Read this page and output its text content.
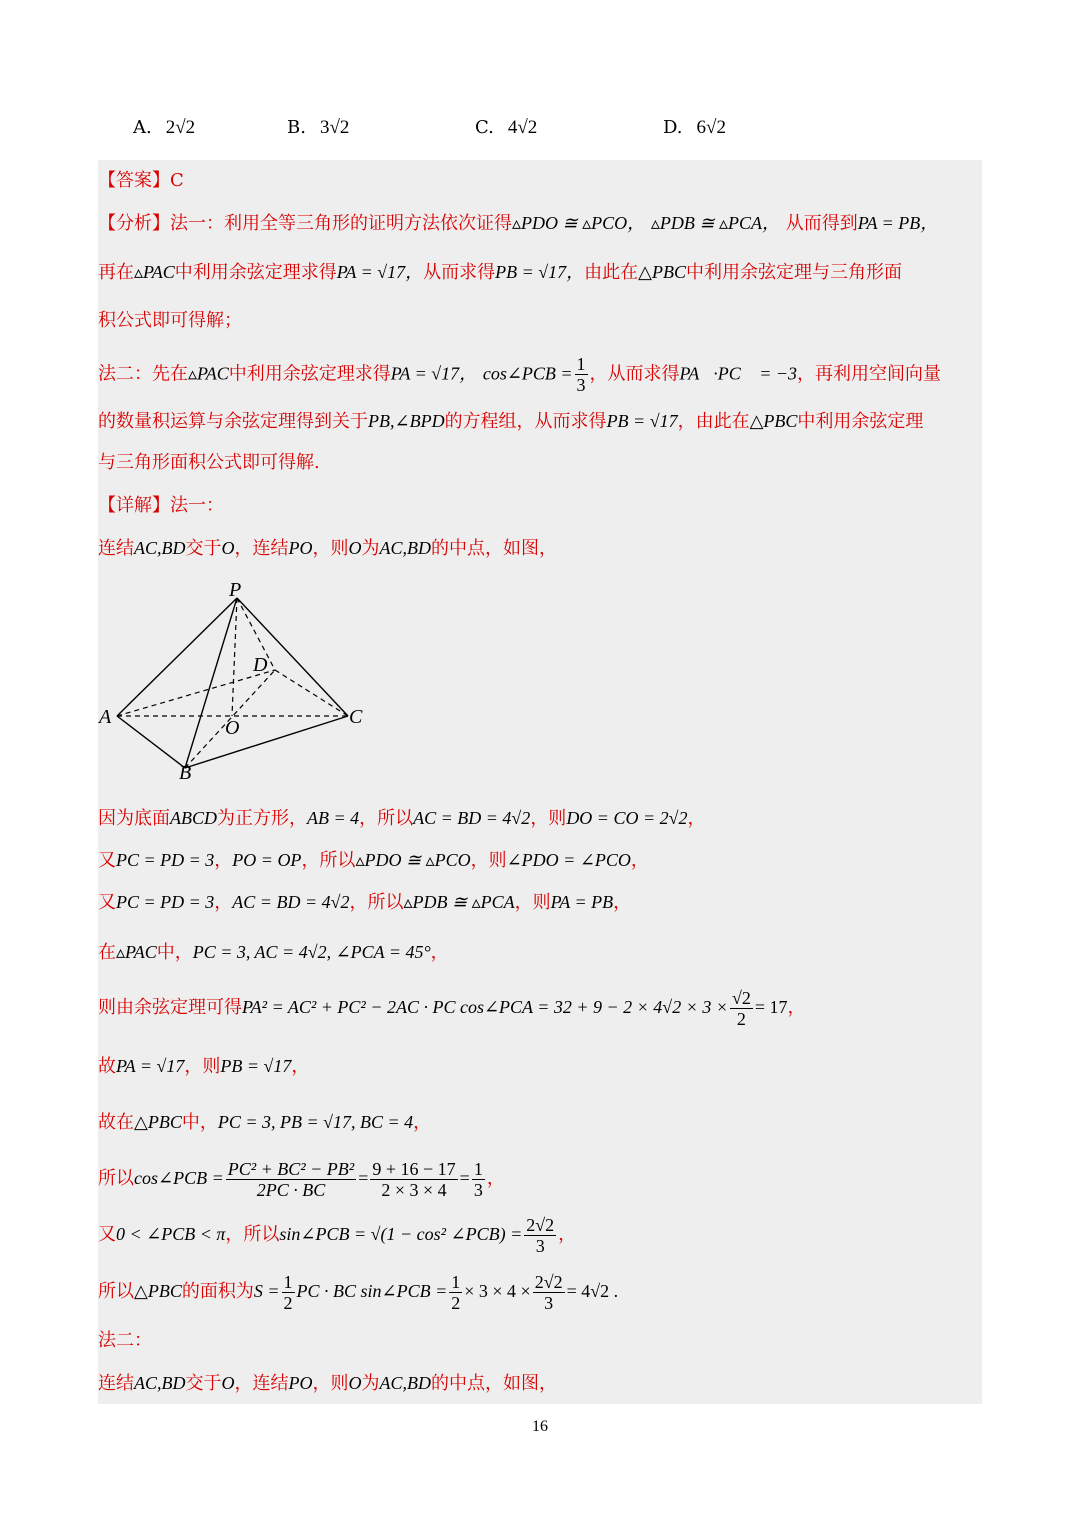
A. 2√2	B. 3√2	C. 4√2	D. 6√2
【答案】C
【分析】法一：利用全等三角形的证明方法依次证得▵PDO ≅ ▵PCO， ▵PDB ≅ ▵PCA， 从而得到PA = PB，
再在▵PAC中利用余弦定理求得PA = √17，从而求得PB = √17，由此在△PBC中利用余弦定理与三角形面
积公式即可得解；
法二：先在▵PAC中利用余弦定理求得PA = √17， cos∠PCB = $\frac{1}{3}$ ，从而求得PA⃗·PC⃗ = −3，再利用空间向量
的数量积运算与余弦定理得到关于PB,∠BPD的方程组，从而求得PB = √17，由此在△PBC中利用余弦定理
与三角形面积公式即可得解.
【详解】法一：
连结AC,BD交于O，连结PO，则O为AC,BD的中点，如图，
P
D
A	O	C
B
因为底面ABCD为正方形，AB = 4，所以AC = BD = 4√2，则DO = CO = 2√2，
又PC = PD = 3，PO = OP，所以▵PDO ≅ ▵PCO，则∠PDO = ∠PCO，
又PC = PD = 3，AC = BD = 4√2，所以▵PDB ≅ ▵PCA，则PA = PB，
在▵PAC中，PC = 3, AC = 4√2, ∠PCA = 45°，
则由余弦定理可得PA² = AC² + PC² − 2AC · PC cos∠PCA = $32 + 9 - 2 \times 4√2 \times 3 \times \frac{√2}{2} = 17$，
故PA = √17，则PB = √17，
故在△PBC中，PC = 3, PB = √17, BC = 4，
所以cos∠PCB = $\frac{\text{PC² + BC² − PB²}}{2PC \cdot BC} = \frac{9 + 16 - 17}{2 \times 3 \times 4} = \frac{1}{3}$ ，
又0 < ∠PCB < π，所以sin∠PCB = √(1 − cos² ∠PCB) = $\frac{2√2}{3}$ ，
所以△PBC的面积为$S = \frac{1}{2}$ PC · BC sin∠PCB = $\frac{1}{2} \times 3 \times 4 \times \frac{2√2}{3} = 4√2$ .
法二：
连结AC,BD交于O，连结PO，则O为AC,BD的中点，如图，
16
